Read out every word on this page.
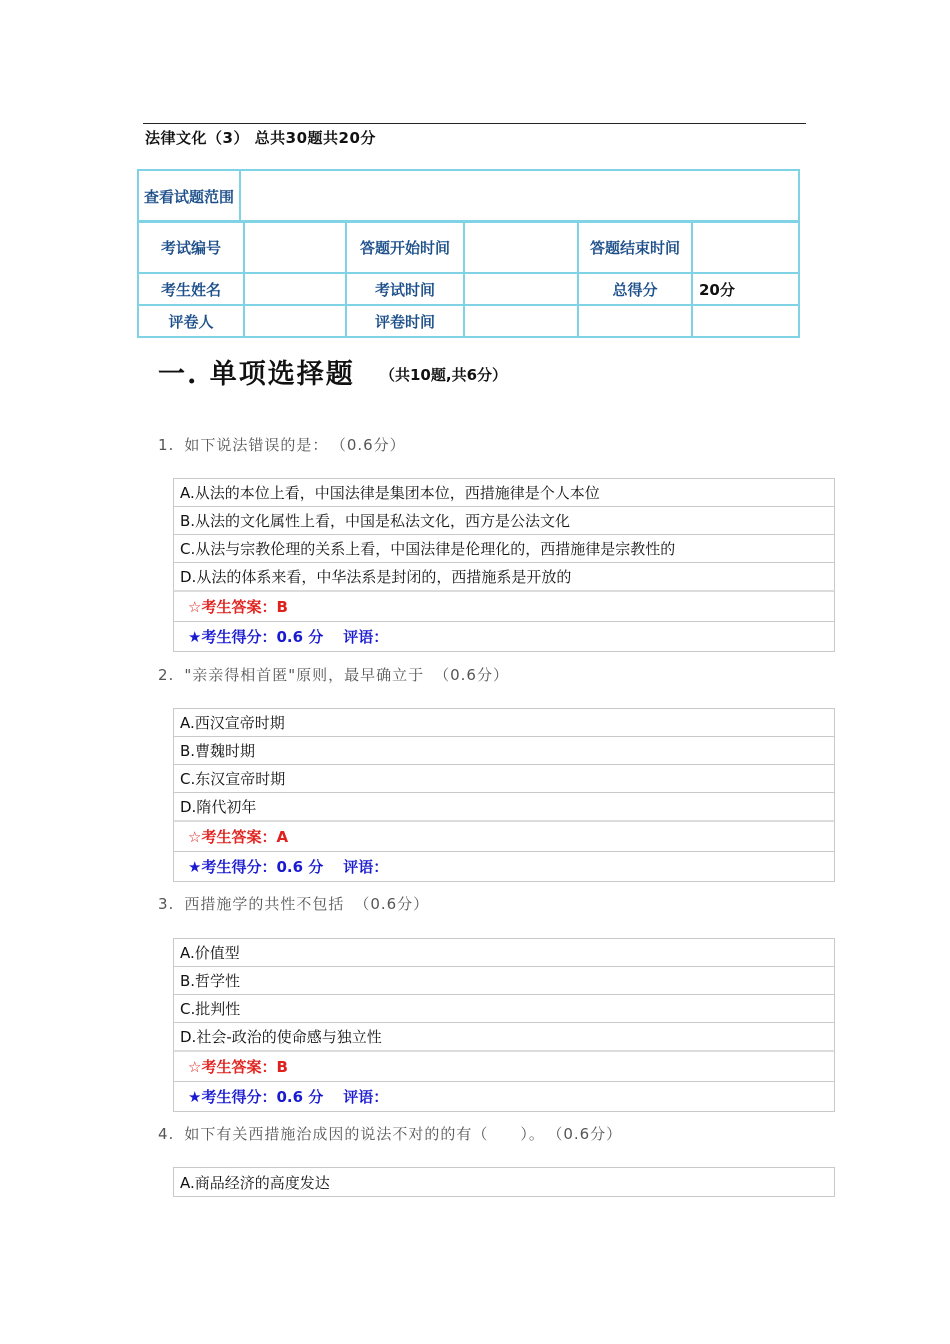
法律文化（3） 总共30题共20分
查看试题范围	
考试编号		答题开始时间		答题结束时间	
考生姓名		考试时间		总得分	20分
评卷人		评卷时间			
一. 单项选择题 （共10题,共6分）
1. 如下说法错误的是： （0.6分）
A.从法的本位上看，中国法律是集团本位，西措施律是个人本位
B.从法的文化属性上看，中国是私法文化，西方是公法文化
C.从法与宗教伦理的关系上看，中国法律是伦理化的，西措施律是宗教性的
D.从法的体系来看，中华法系是封闭的，西措施系是开放的
☆考生答案：B
★考生得分：0.6 分 评语：
2. "亲亲得相首匿"原则，最早确立于 （0.6分）
A.西汉宣帝时期
B.曹魏时期
C.东汉宣帝时期
D.隋代初年
☆考生答案：A
★考生得分：0.6 分 评语：
3. 西措施学的共性不包括 （0.6分）
A.价值型
B.哲学性
C.批判性
D.社会-政治的使命感与独立性
☆考生答案：B
★考生得分：0.6 分 评语：
4. 如下有关西措施治成因的说法不对的的有（　　）。 （0.6分）
A.商品经济的高度发达
